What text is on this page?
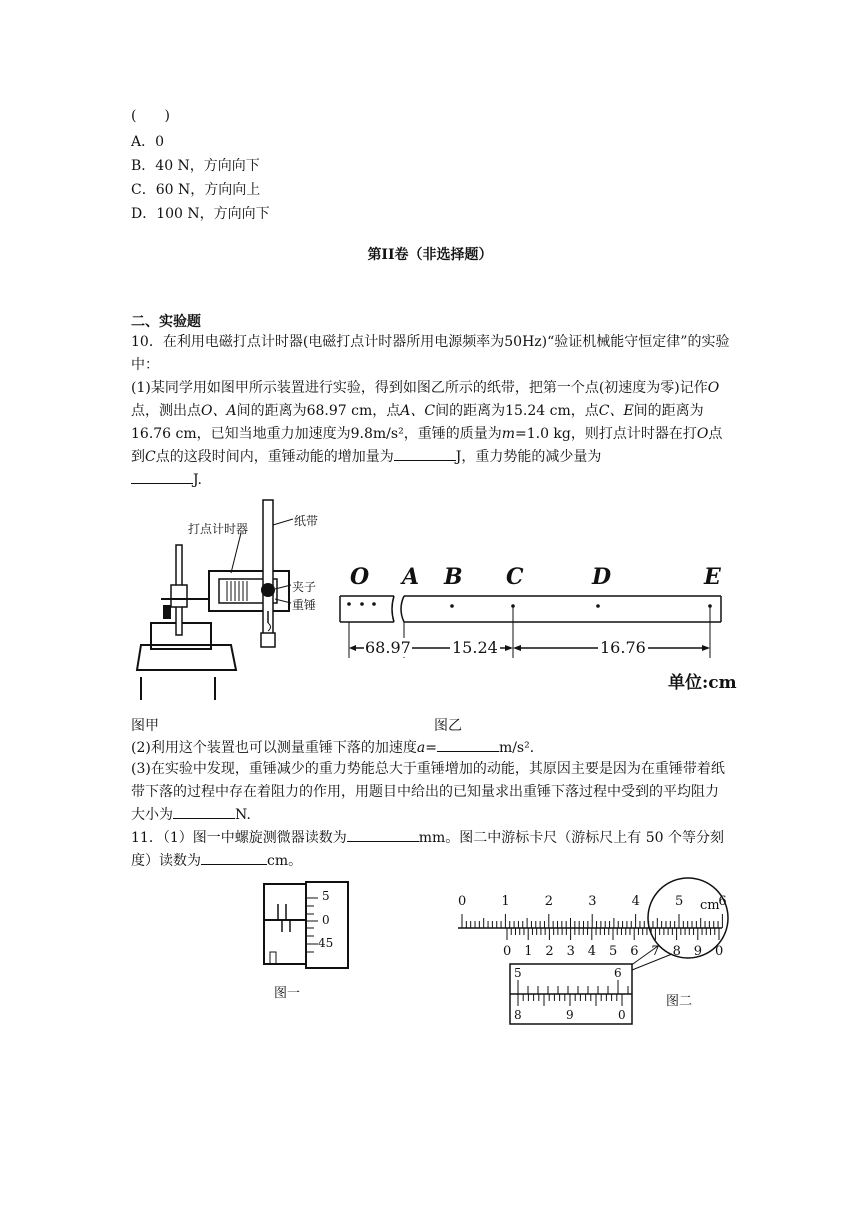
(　　)
A．0
B．40 N，方向向下
C．60 N，方向向上
D．100 N，方向向下
第II卷（非选择题）
二、实验题
10．在利用电磁打点计时器(电磁打点计时器所用电源频率为50Hz)“验证机械能守恒定律”的实验中：
(1)某同学用如图甲所示装置进行实验，得到如图乙所示的纸带，把第一个点(初速度为零)记作O点，测出点O、A间的距离为68.97 cm，点A、C间的距离为15.24 cm，点C、E间的距离为16.76 cm，已知当地重力加速度为9.8m/s²，重锤的质量为m=1.0 kg，则打点计时器在打O点到C点的这段时间内，重锤动能的增加量为	J，重力势能的减少量为
J.
打点计时器
纸带
夹子
重锤
O A B C	D	E
68.97	15.24	16.76
单位:cm
图甲	图乙
(2)利用这个装置也可以测量重锤下落的加速度a=	m/s²．
(3)在实验中发现，重锤减少的重力势能总大于重锤增加的动能，其原因主要是因为在重锤带着纸带下落的过程中存在着阻力的作用，用题目中给出的已知量求出重锤下落过程中受到的平均阻力大小为	N.
11．（1）图一中螺旋测微器读数为	mm。图二中游标卡尺（游标尺上有 50 个等分刻度）读数为	cm。
5
0
45
图一
0	1	2	3	4	5	6
0 1 2 3 4 5 6 7 8 9 0
5	6
8	9	0
cm
图二
